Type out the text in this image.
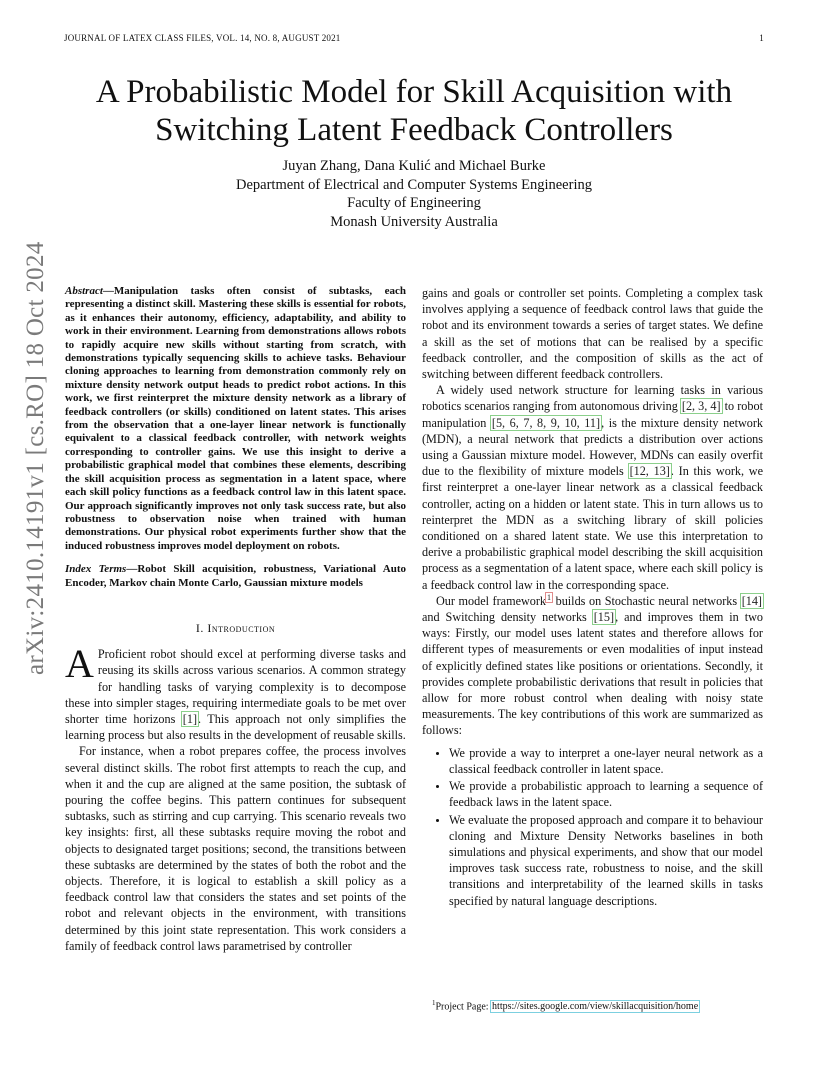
JOURNAL OF LATEX CLASS FILES, VOL. 14, NO. 8, AUGUST 2021	1
arXiv:2410.14191v1 [cs.RO] 18 Oct 2024
A Probabilistic Model for Skill Acquisition with
Switching Latent Feedback Controllers
Juyan Zhang, Dana Kulić and Michael Burke
Department of Electrical and Computer Systems Engineering
Faculty of Engineering
Monash University Australia
Abstract—Manipulation tasks often consist of subtasks, each representing a distinct skill. Mastering these skills is essential for robots, as it enhances their autonomy, efficiency, adaptability, and ability to work in their environment. Learning from demonstrations allows robots to rapidly acquire new skills without starting from scratch, with demonstrations typically sequencing skills to achieve tasks. Behaviour cloning approaches to learning from demonstration commonly rely on mixture density network output heads to predict robot actions. In this work, we first reinterpret the mixture density network as a library of feedback controllers (or skills) conditioned on latent states. This arises from the observation that a one-layer linear network is functionally equivalent to a classical feedback controller, with network weights corresponding to controller gains. We use this insight to derive a probabilistic graphical model that combines these elements, describing the skill acquisition process as segmentation in a latent space, where each skill policy functions as a feedback control law in this latent space. Our approach significantly improves not only task success rate, but also robustness to observation noise when trained with human demonstrations. Our physical robot experiments further show that the induced robustness improves model deployment on robots.
Index Terms—Robot Skill acquisition, robustness, Variational Auto Encoder, Markov chain Monte Carlo, Gaussian mixture models
I. Introduction

A Proficient robot should excel at performing diverse tasks and reusing its skills across various scenarios. A common strategy for handling tasks of varying complexity is to decompose these into simpler stages, requiring intermediate goals to be met over shorter time horizons [1]. This approach not only simplifies the learning process but also results in the development of reusable skills.

For instance, when a robot prepares coffee, the process involves several distinct skills. The robot first attempts to reach the cup, and when it and the cup are aligned at the same position, the subtask of pouring the coffee begins. This pattern continues for subsequent subtasks, such as stirring and cup carrying. This scenario reveals two key insights: first, all these subtasks require moving the robot and objects to designated target positions; second, the transitions between these subtasks are determined by the states of both the robot and the objects. Therefore, it is logical to establish a skill policy as a feedback control law that considers the states and set points of the robot and relevant objects in the environment, with transitions determined by this joint state representation. This work considers a family of feedback control laws parametrised by controller

gains and goals or controller set points. Completing a complex task involves applying a sequence of feedback control laws that guide the robot and its environment towards a series of target states. We define a skill as the set of motions that can be realised by a specific feedback controller, and the composition of skills as the act of switching between different feedback controllers.

A widely used network structure for learning tasks in various robotics scenarios ranging from autonomous driving [2, 3, 4] to robot manipulation [5, 6, 7, 8, 9, 10, 11], is the mixture density network (MDN), a neural network that predicts a distribution over actions using a Gaussian mixture model. However, MDNs can easily overfit due to the flexibility of mixture models [12, 13]. In this work, we first reinterpret a one-layer linear network as a classical feedback controller, acting on a hidden or latent state. This in turn allows us to reinterpret the MDN as a switching library of skill policies conditioned on a shared latent state. We use this interpretation to derive a probabilistic graphical model describing the skill acquisition process as a segmentation of a latent space, where each skill policy is a feedback control law in the corresponding space.

Our model framework$^1$ builds on Stochastic neural networks [14] and Switching density networks [15], and improves them in two ways: Firstly, our model uses latent states and therefore allows for different types of measurements or even modalities of input instead of explicitly defined states like positions or orientations. Secondly, it provides complete probabilistic derivations that result in policies that allow for more robust control when dealing with noisy state measurements. The key contributions of this work are summarized as follows:

• We provide a way to interpret a one-layer neural network as a classical feedback controller in latent space.
• We provide a probabilistic approach to learning a sequence of feedback laws in the latent space.
• We evaluate the proposed approach and compare it to behaviour cloning and Mixture Density Networks baselines in both simulations and physical experiments, and show that our model improves task success rate, robustness to noise, and the skill transitions and interpretability of the learned skills in tasks specified by natural language descriptions.
$^1$Project Page: https://sites.google.com/view/skillacquisition/home
